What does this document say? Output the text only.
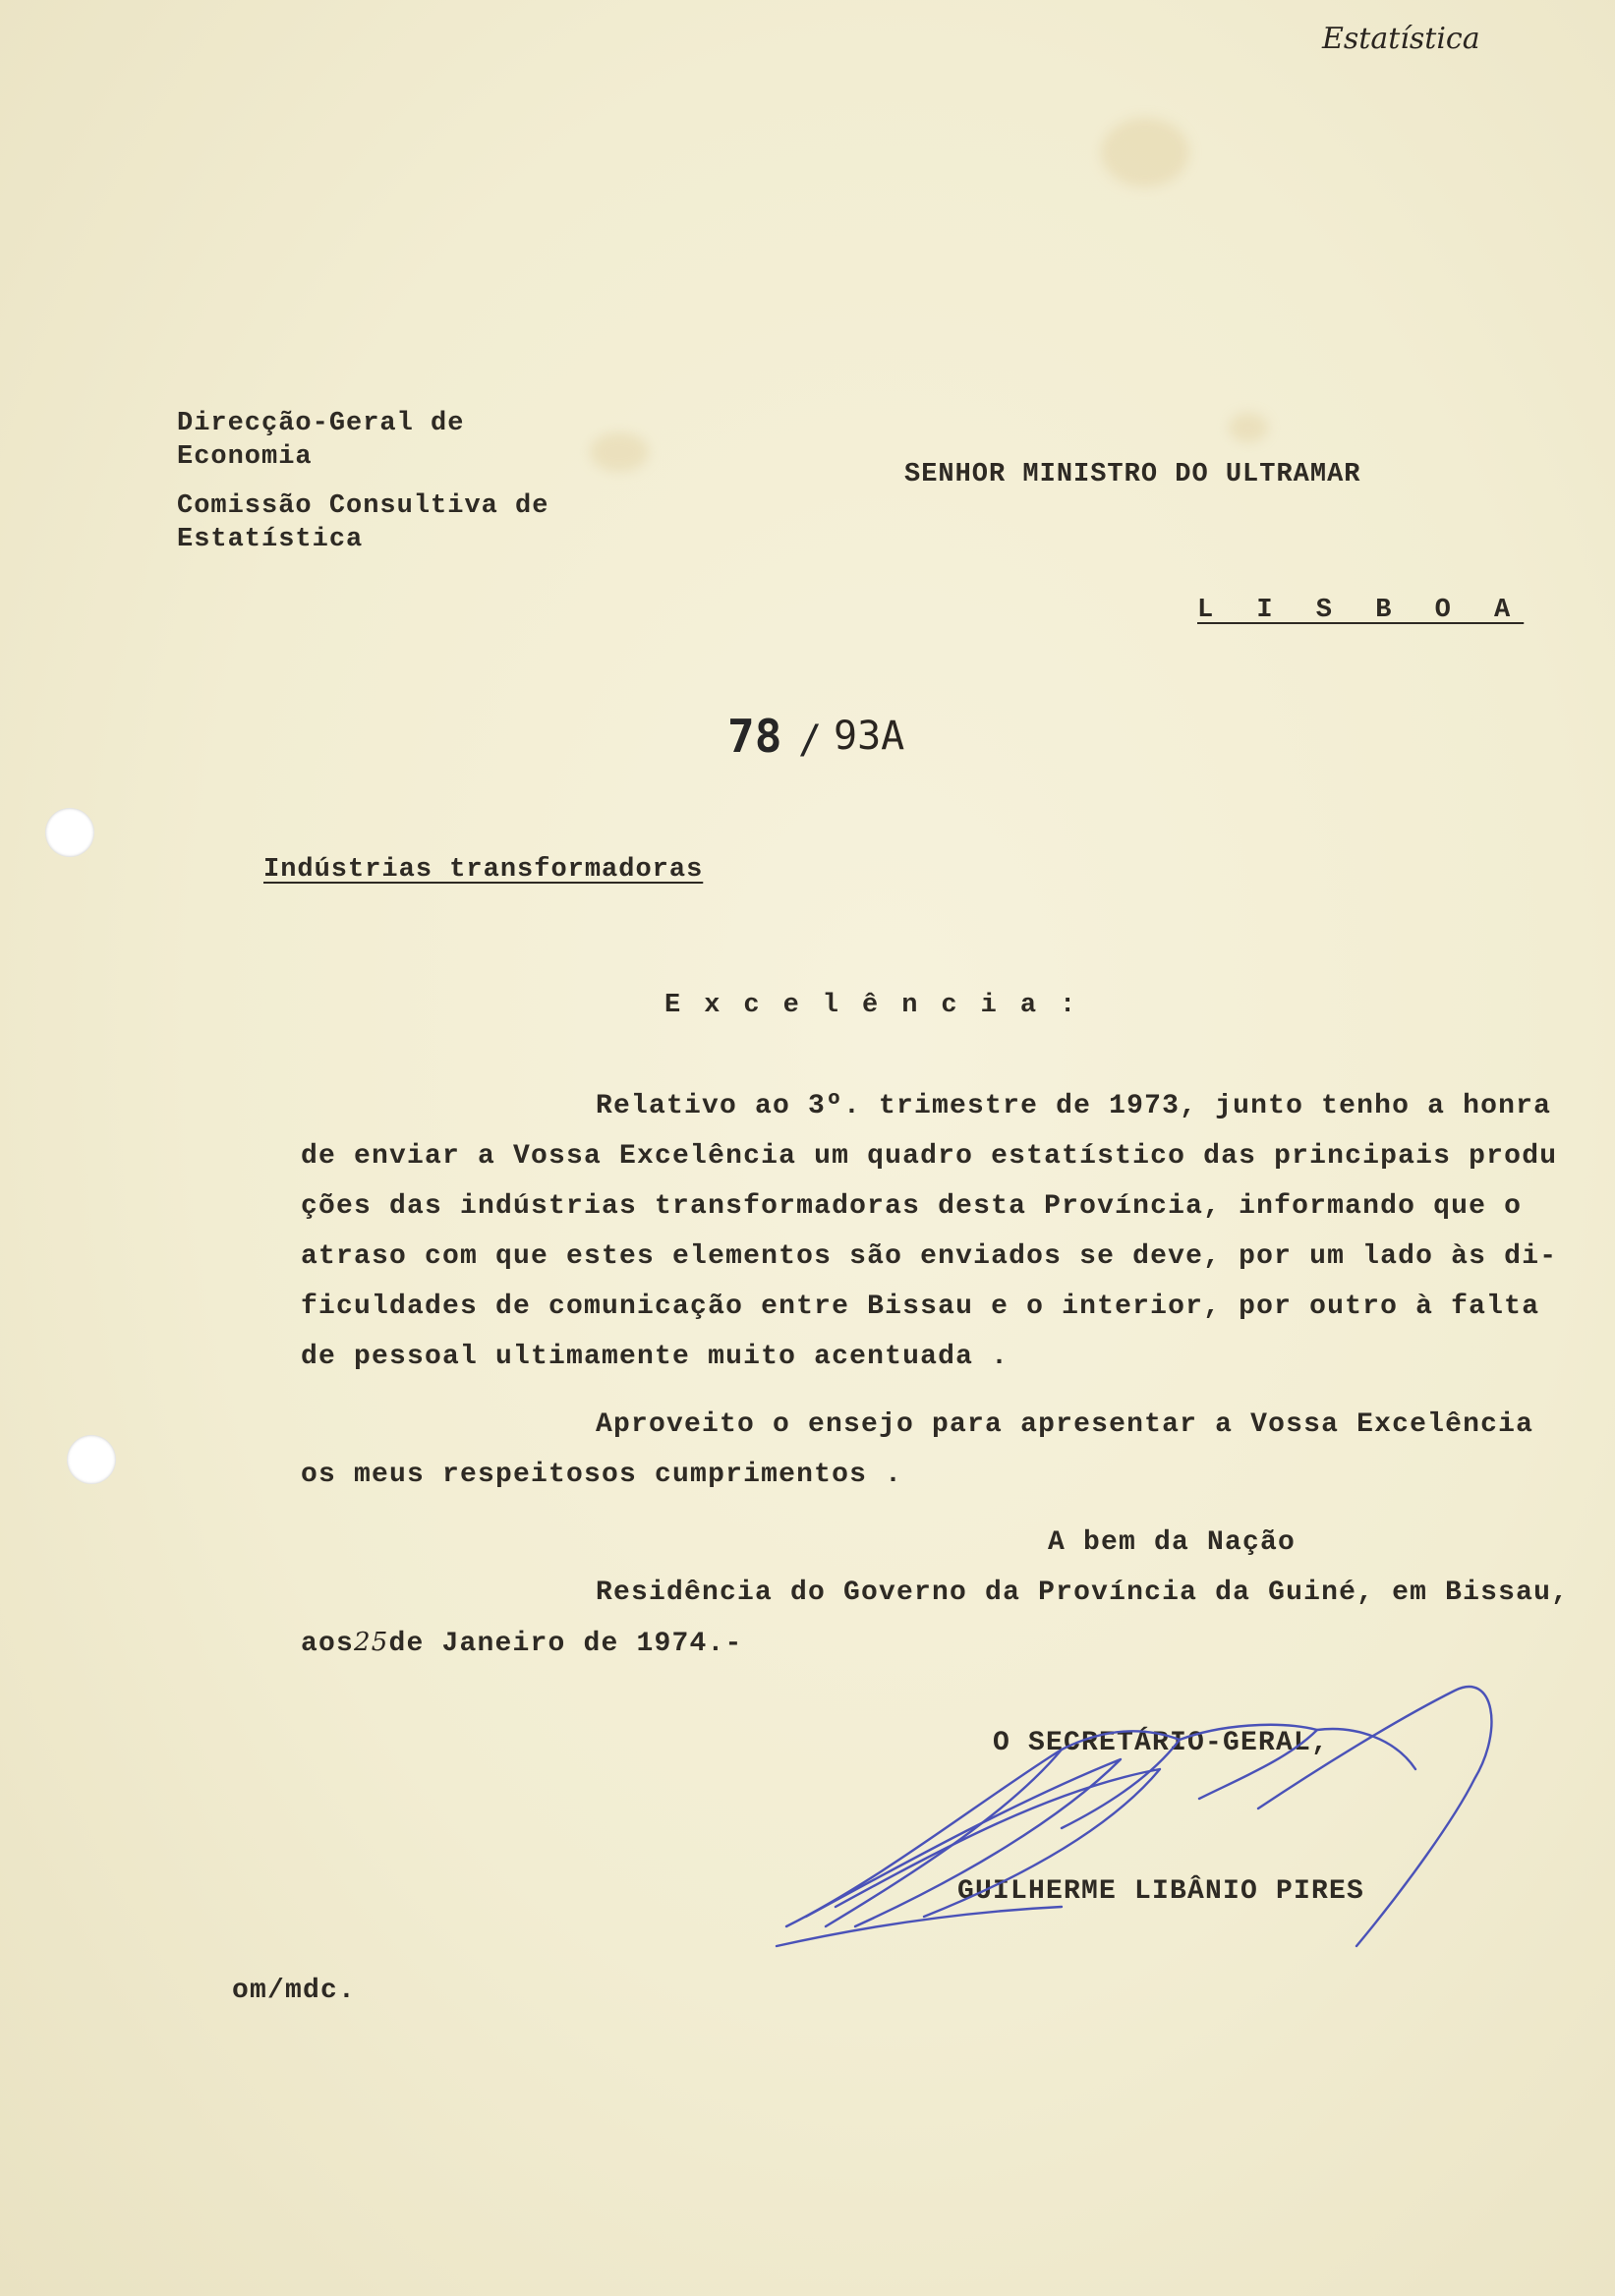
Estatística
Direcção-Geral de
Economia
Comissão Consultiva de
Estatística
SENHOR MINISTRO DO ULTRAMAR
L I S B O A
78 / 93A
Indústrias transformadoras
Excelência:
Relativo ao 3º. trimestre de 1973, junto tenho a honra
de enviar a Vossa Excelência um quadro estatístico das principais produ
ções das indústrias transformadoras desta Província, informando que o
atraso com que estes elementos são enviados se deve, por um lado às di-
ficuldades de comunicação entre Bissau e o interior, por outro à falta
de pessoal ultimamente muito acentuada .
Aproveito o ensejo para apresentar a Vossa Excelência
os meus respeitosos cumprimentos .
A bem da Nação
Residência do Governo da Província da Guiné, em Bissau,
aos25de Janeiro de 1974.-
O SECRETÁRIO-GERAL,
GUILHERME LIBÂNIO PIRES
om/mdc.
